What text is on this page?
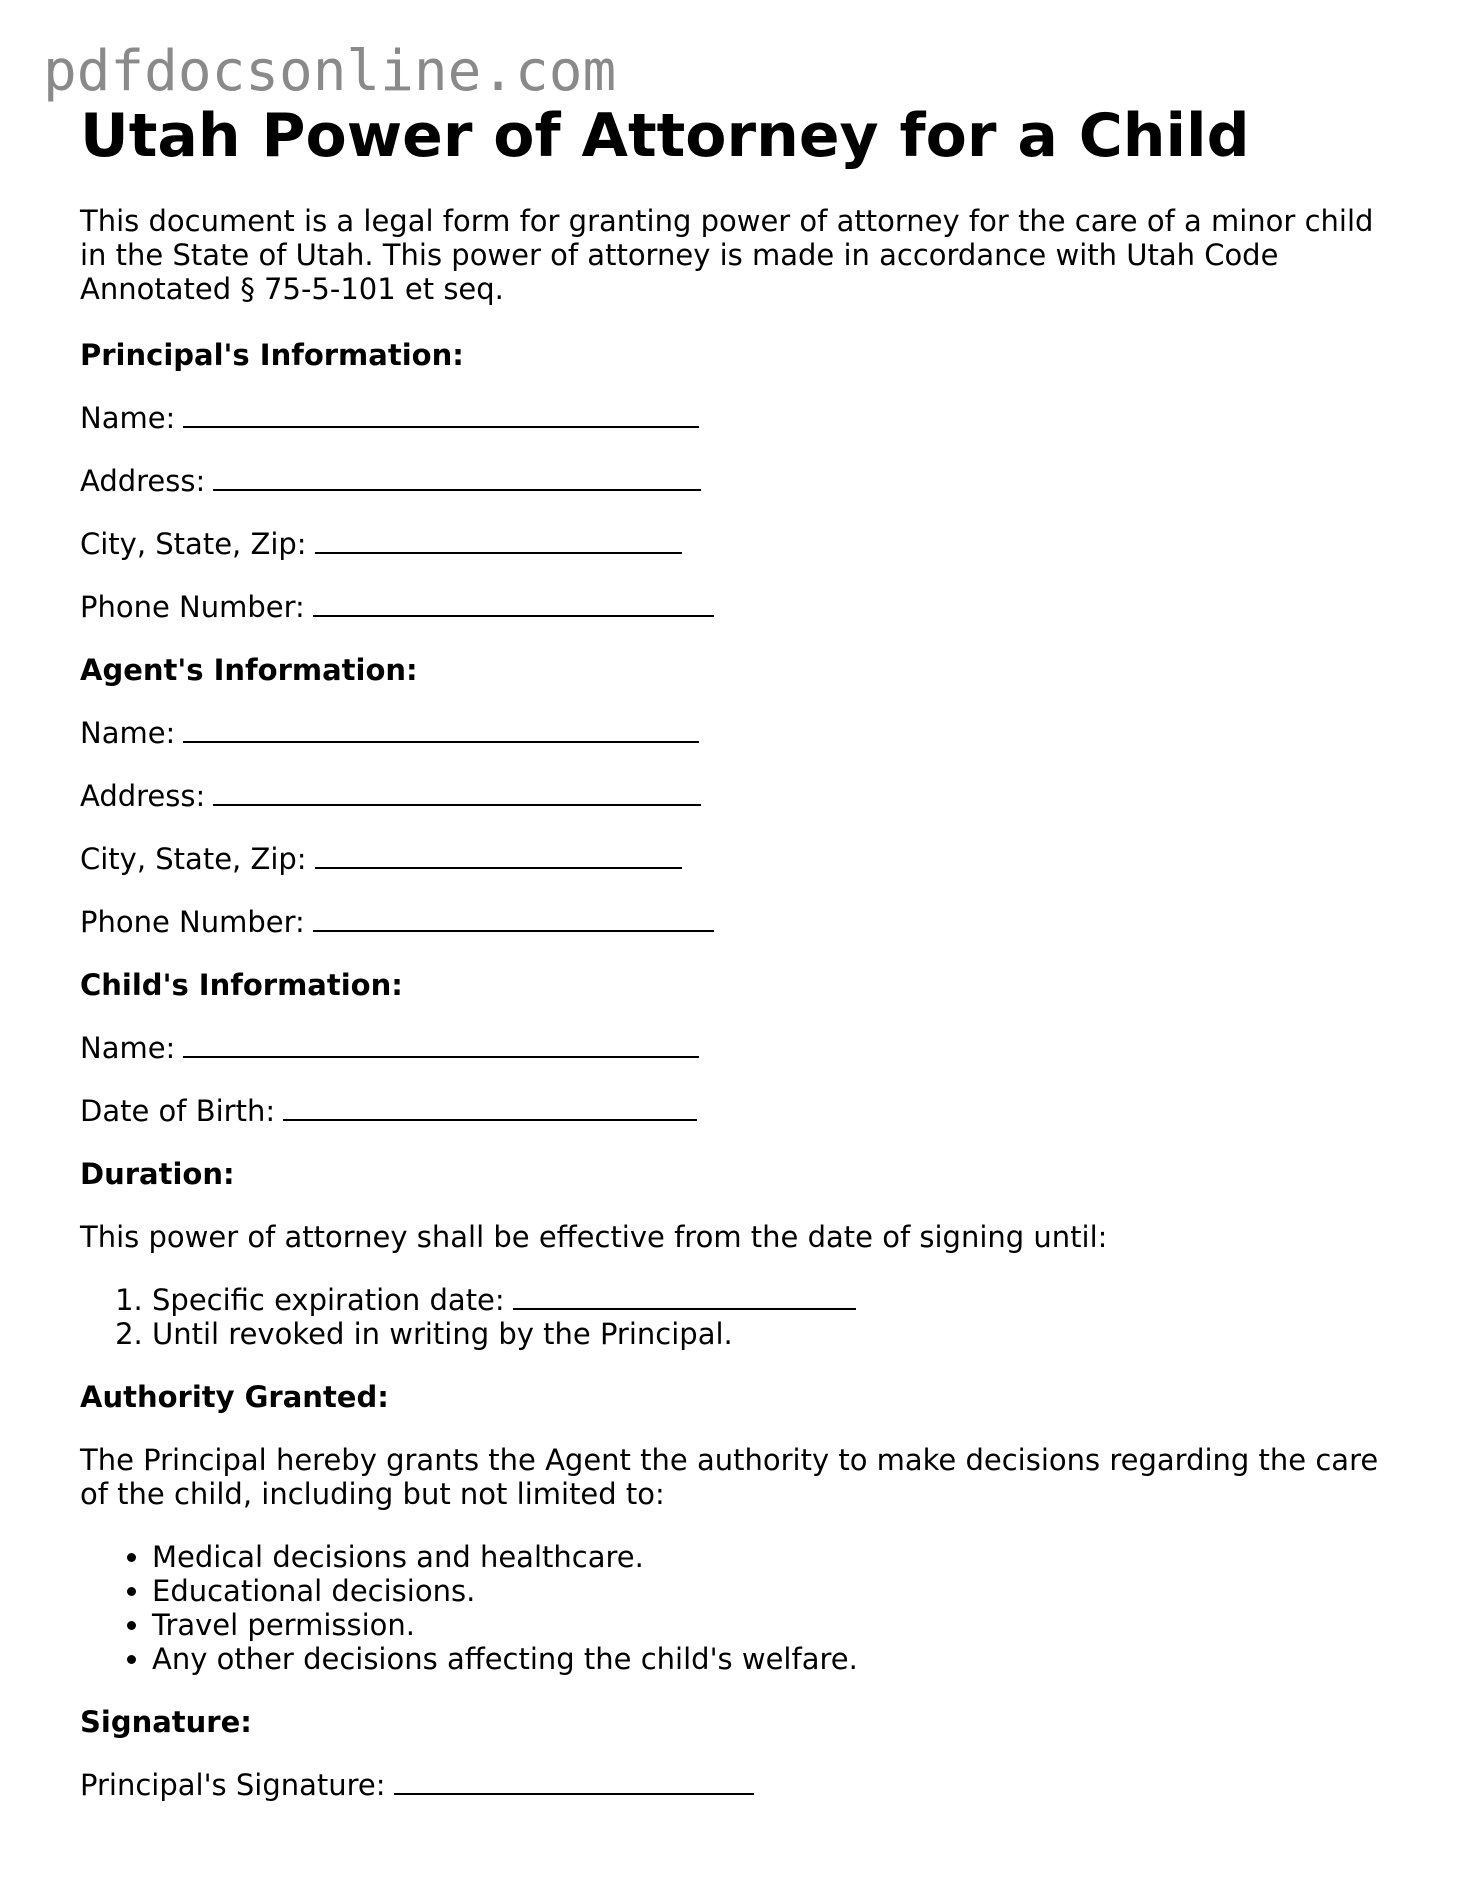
pdfdocsonline.com
Utah Power of Attorney for a Child

This document is a legal form for granting power of attorney for the care of a minor child in the State of Utah. This power of attorney is made in accordance with Utah Code Annotated § 75-5-101 et seq.

Principal's Information:

Name:

Address:

City, State, Zip:

Phone Number:

Agent's Information:

Name:

Address:

City, State, Zip:

Phone Number:

Child's Information:

Name:

Date of Birth:

Duration:

This power of attorney shall be effective from the date of signing until:

1. Specific expiration date:
2. Until revoked in writing by the Principal.

Authority Granted:

The Principal hereby grants the Agent the authority to make decisions regarding the care of the child, including but not limited to:

• Medical decisions and healthcare.
• Educational decisions.
• Travel permission.
• Any other decisions affecting the child's welfare.

Signature:

Principal's Signature:
